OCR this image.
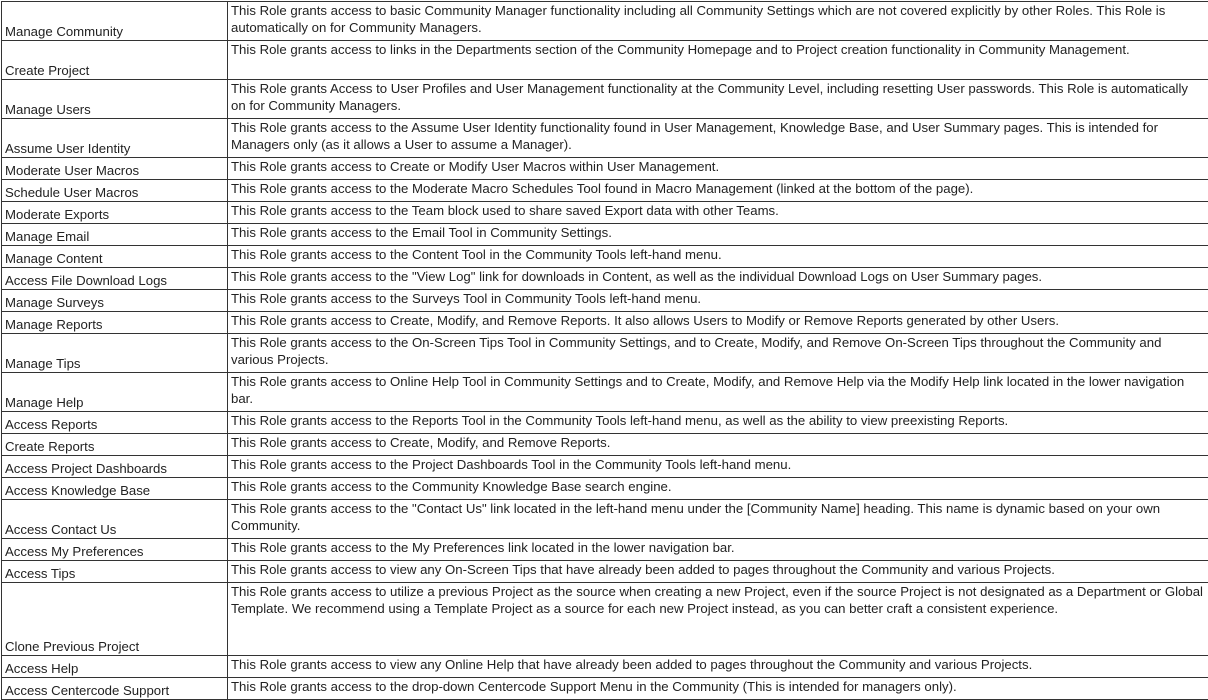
Manage Community	This Role grants access to basic Community Manager functionality including all Community Settings which are not covered explicitly by other Roles. This Role is automatically on for Community Managers.
Create Project	This Role grants access to links in the Departments section of the Community Homepage and to Project creation functionality in Community Management.
Manage Users	This Role grants Access to User Profiles and User Management functionality at the Community Level, including resetting User passwords. This Role is automatically on for Community Managers.
Assume User Identity	This Role grants access to the Assume User Identity functionality found in User Management, Knowledge Base, and User Summary pages. This is intended for Managers only (as it allows a User to assume a Manager).
Moderate User Macros	This Role grants access to Create or Modify User Macros within User Management.
Schedule User Macros	This Role grants access to the Moderate Macro Schedules Tool found in Macro Management (linked at the bottom of the page).
Moderate Exports	This Role grants access to the Team block used to share saved Export data with other Teams.
Manage Email	This Role grants access to the Email Tool in Community Settings.
Manage Content	This Role grants access to the Content Tool in the Community Tools left-hand menu.
Access File Download Logs	This Role grants access to the "View Log" link for downloads in Content, as well as the individual Download Logs on User Summary pages.
Manage Surveys	This Role grants access to the Surveys Tool in Community Tools left-hand menu.
Manage Reports	This Role grants access to Create, Modify, and Remove Reports. It also allows Users to Modify or Remove Reports generated by other Users.
Manage Tips	This Role grants access to the On-Screen Tips Tool in Community Settings, and to Create, Modify, and Remove On-Screen Tips throughout the Community and various Projects.
Manage Help	This Role grants access to Online Help Tool in Community Settings and to Create, Modify, and Remove Help via the Modify Help link located in the lower navigation bar.
Access Reports	This Role grants access to the Reports Tool in the Community Tools left-hand menu, as well as the ability to view preexisting Reports.
Create Reports	This Role grants access to Create, Modify, and Remove Reports.
Access Project Dashboards	This Role grants access to the Project Dashboards Tool in the Community Tools left-hand menu.
Access Knowledge Base	This Role grants access to the Community Knowledge Base search engine.
Access Contact Us	This Role grants access to the "Contact Us" link located in the left-hand menu under the [Community Name] heading. This name is dynamic based on your own Community.
Access My Preferences	This Role grants access to the My Preferences link located in the lower navigation bar.
Access Tips	This Role grants access to view any On-Screen Tips that have already been added to pages throughout the Community and various Projects.
Clone Previous Project	This Role grants access to utilize a previous Project as the source when creating a new Project, even if the source Project is not designated as a Department or Global Template. We recommend using a Template Project as a source for each new Project instead, as you can better craft a consistent experience.
Access Help	This Role grants access to view any Online Help that have already been added to pages throughout the Community and various Projects.
Access Centercode Support	This Role grants access to the drop-down Centercode Support Menu in the Community (This is intended for managers only).
